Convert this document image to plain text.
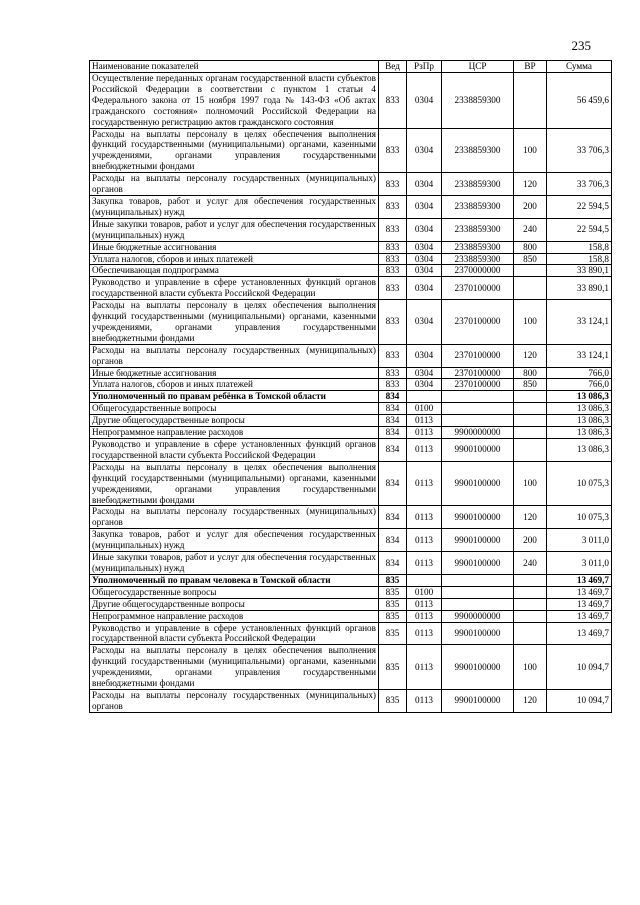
235
Наименование показателей	Вед	РзПр	ЦСР	ВР	Сумма
Осуществление переданных органам государственной власти субъектов Российской Федерации в соответствии с пунктом 1 статьи 4 Федерального закона от 15 ноября 1997 года № 143-ФЗ «Об актах гражданского состояния» полномочий Российской Федерации на государственную регистрацию актов гражданского состояния	833	0304	2338859300		56 459,6
Расходы на выплаты персоналу в целях обеспечения выполнения функций государственными (муниципальными) органами, казенными учреждениями, органами управления государственными внебюджетными фондами	833	0304	2338859300	100	33 706,3
Расходы на выплаты персоналу государственных (муниципальных) органов	833	0304	2338859300	120	33 706,3
Закупка товаров, работ и услуг для обеспечения государственных (муниципальных) нужд	833	0304	2338859300	200	22 594,5
Иные закупки товаров, работ и услуг для обеспечения государственных (муниципальных) нужд	833	0304	2338859300	240	22 594,5
Иные бюджетные ассигнования	833	0304	2338859300	800	158,8
Уплата налогов, сборов и иных платежей	833	0304	2338859300	850	158,8
Обеспечивающая подпрограмма	833	0304	2370000000		33 890,1
Руководство и управление в сфере установленных функций органов государственной власти субъекта Российской Федерации	833	0304	2370100000		33 890,1
Расходы на выплаты персоналу в целях обеспечения выполнения функций государственными (муниципальными) органами, казенными учреждениями, органами управления государственными внебюджетными фондами	833	0304	2370100000	100	33 124,1
Расходы на выплаты персоналу государственных (муниципальных) органов	833	0304	2370100000	120	33 124,1
Иные бюджетные ассигнования	833	0304	2370100000	800	766,0
Уплата налогов, сборов и иных платежей	833	0304	2370100000	850	766,0
Уполномоченный по правам ребёнка в Томской области	834				13 086,3
Общегосударственные вопросы	834	0100			13 086,3
Другие общегосударственные вопросы	834	0113			13 086,3
Непрограммное направление расходов	834	0113	9900000000		13 086,3
Руководство и управление в сфере установленных функций органов государственной власти субъекта Российской Федерации	834	0113	9900100000		13 086,3
Расходы на выплаты персоналу в целях обеспечения выполнения функций государственными (муниципальными) органами, казенными учреждениями, органами управления государственными внебюджетными фондами	834	0113	9900100000	100	10 075,3
Расходы на выплаты персоналу государственных (муниципальных) органов	834	0113	9900100000	120	10 075,3
Закупка товаров, работ и услуг для обеспечения государственных (муниципальных) нужд	834	0113	9900100000	200	3 011,0
Иные закупки товаров, работ и услуг для обеспечения государственных (муниципальных) нужд	834	0113	9900100000	240	3 011,0
Уполномоченный по правам человека в Томской области	835				13 469,7
Общегосударственные вопросы	835	0100			13 469,7
Другие общегосударственные вопросы	835	0113			13 469,7
Непрограммное направление расходов	835	0113	9900000000		13 469,7
Руководство и управление в сфере установленных функций органов государственной власти субъекта Российской Федерации	835	0113	9900100000		13 469,7
Расходы на выплаты персоналу в целях обеспечения выполнения функций государственными (муниципальными) органами, казенными учреждениями, органами управления государственными внебюджетными фондами	835	0113	9900100000	100	10 094,7
Расходы на выплаты персоналу государственных (муниципальных) органов	835	0113	9900100000	120	10 094,7
